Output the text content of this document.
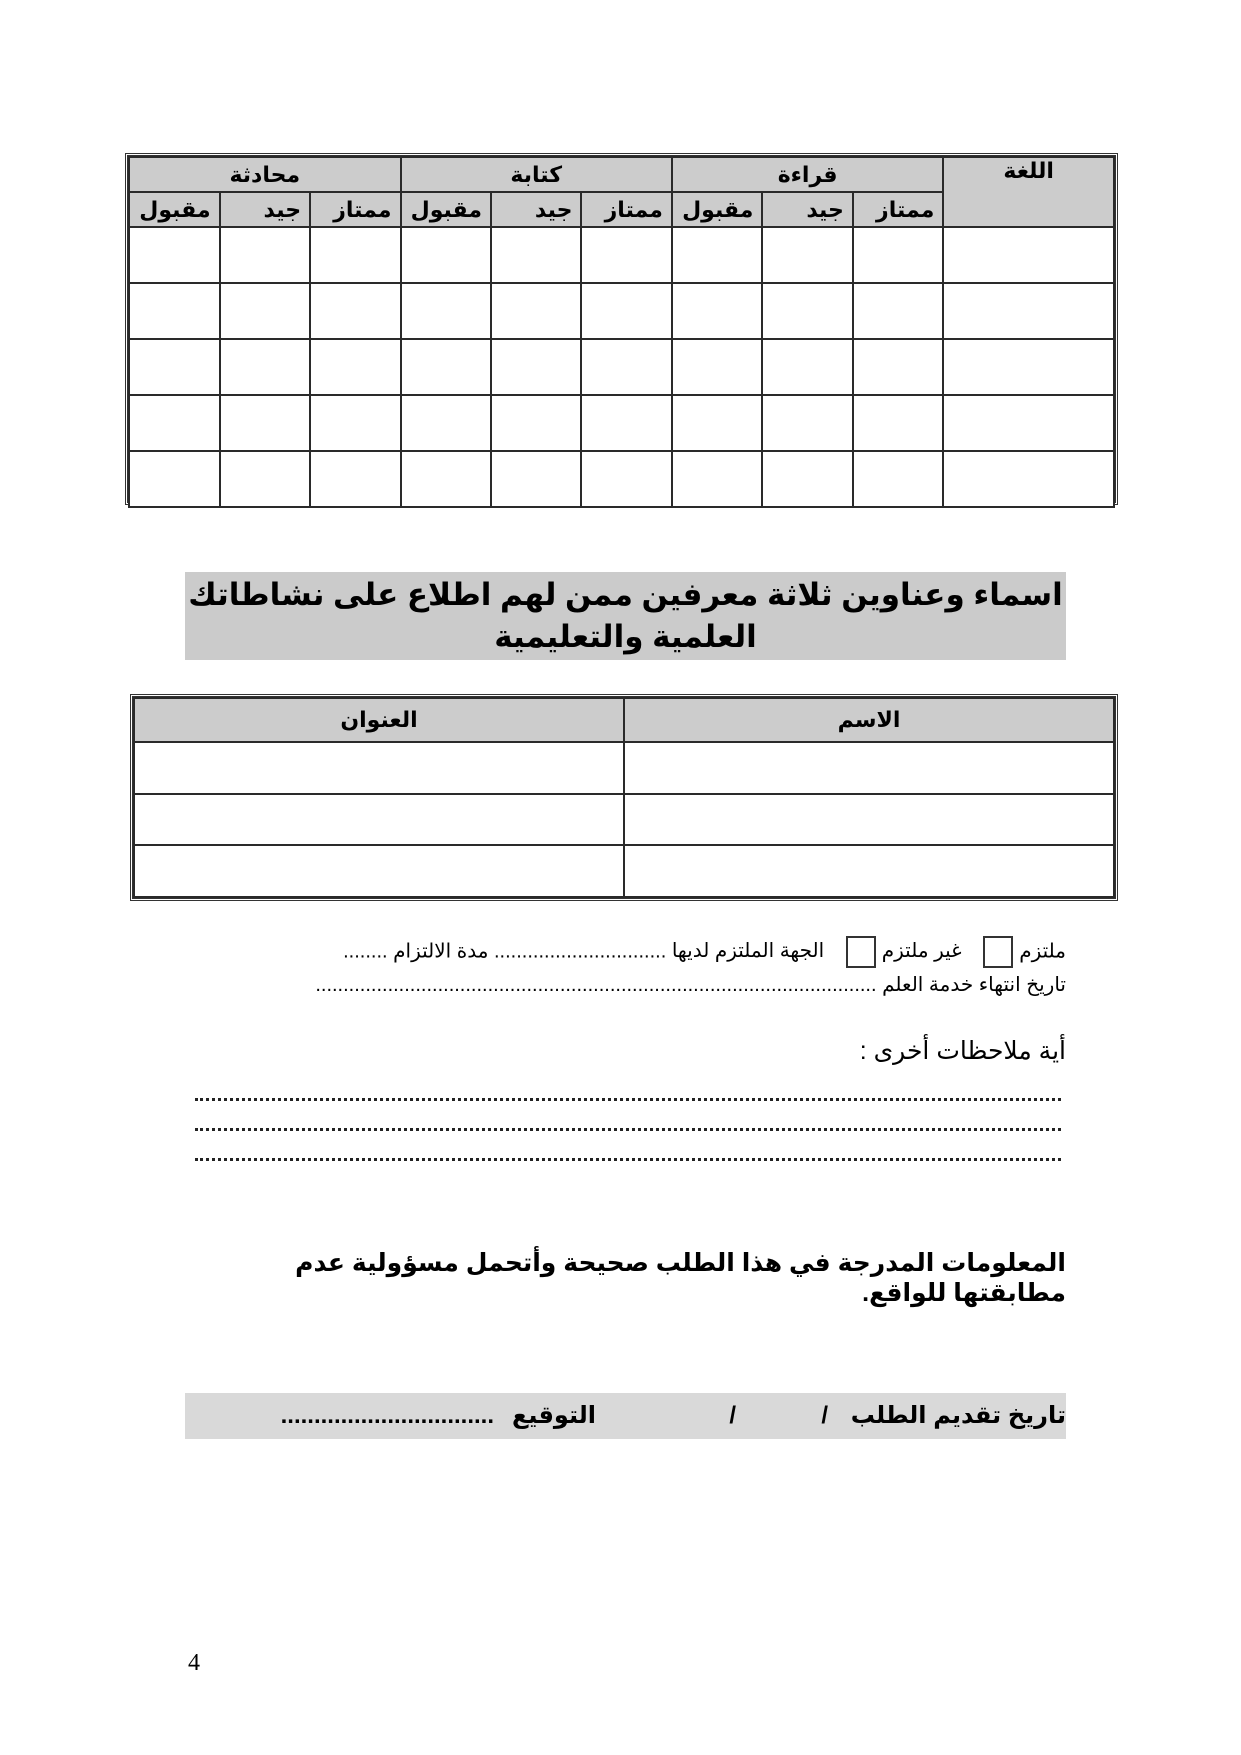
اللغة	قراءة			كتابة			محادثة		
	ممتاز	جيد	مقبول	ممتاز	جيد	مقبول	ممتاز	جيد	مقبول

اسماء وعناوين ثلاثة معرفين ممن لهم اطلاع على نشاطاتك العلمية والتعليمية
الاسم	العنوان

ملتزم غير ملتزم الجهة الملتزم لديها ............................... مدة الالتزام ........
تاريخ انتهاء خدمة العلم .....................................................................................................
أية ملاحظات أخرى :
المعلومات المدرجة في هذا الطلب صحيحة وأتحمل مسؤولية عدم مطابقتها للواقع.
تاريخ تقديم الطلب
/
/
التوقيع
................................
4
